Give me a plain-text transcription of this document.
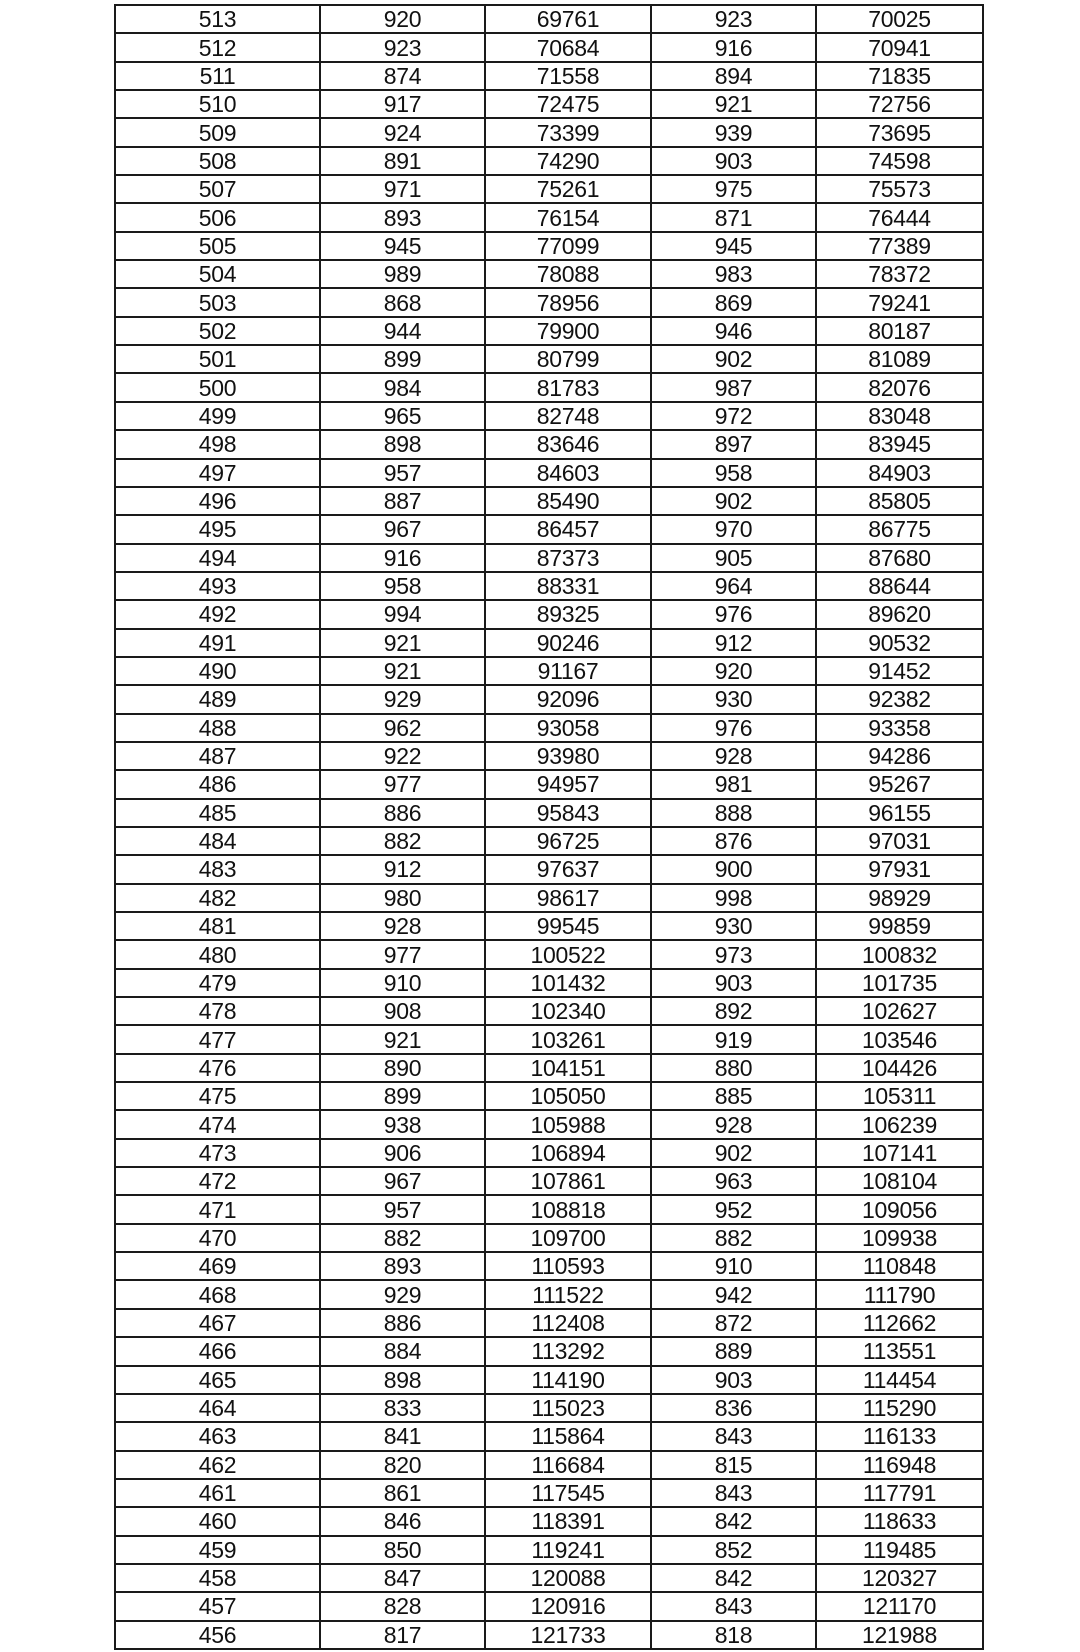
513	920	69761	923	70025
512	923	70684	916	70941
511	874	71558	894	71835
510	917	72475	921	72756
509	924	73399	939	73695
508	891	74290	903	74598
507	971	75261	975	75573
506	893	76154	871	76444
505	945	77099	945	77389
504	989	78088	983	78372
503	868	78956	869	79241
502	944	79900	946	80187
501	899	80799	902	81089
500	984	81783	987	82076
499	965	82748	972	83048
498	898	83646	897	83945
497	957	84603	958	84903
496	887	85490	902	85805
495	967	86457	970	86775
494	916	87373	905	87680
493	958	88331	964	88644
492	994	89325	976	89620
491	921	90246	912	90532
490	921	91167	920	91452
489	929	92096	930	92382
488	962	93058	976	93358
487	922	93980	928	94286
486	977	94957	981	95267
485	886	95843	888	96155
484	882	96725	876	97031
483	912	97637	900	97931
482	980	98617	998	98929
481	928	99545	930	99859
480	977	100522	973	100832
479	910	101432	903	101735
478	908	102340	892	102627
477	921	103261	919	103546
476	890	104151	880	104426
475	899	105050	885	105311
474	938	105988	928	106239
473	906	106894	902	107141
472	967	107861	963	108104
471	957	108818	952	109056
470	882	109700	882	109938
469	893	110593	910	110848
468	929	111522	942	111790
467	886	112408	872	112662
466	884	113292	889	113551
465	898	114190	903	114454
464	833	115023	836	115290
463	841	115864	843	116133
462	820	116684	815	116948
461	861	117545	843	117791
460	846	118391	842	118633
459	850	119241	852	119485
458	847	120088	842	120327
457	828	120916	843	121170
456	817	121733	818	121988
